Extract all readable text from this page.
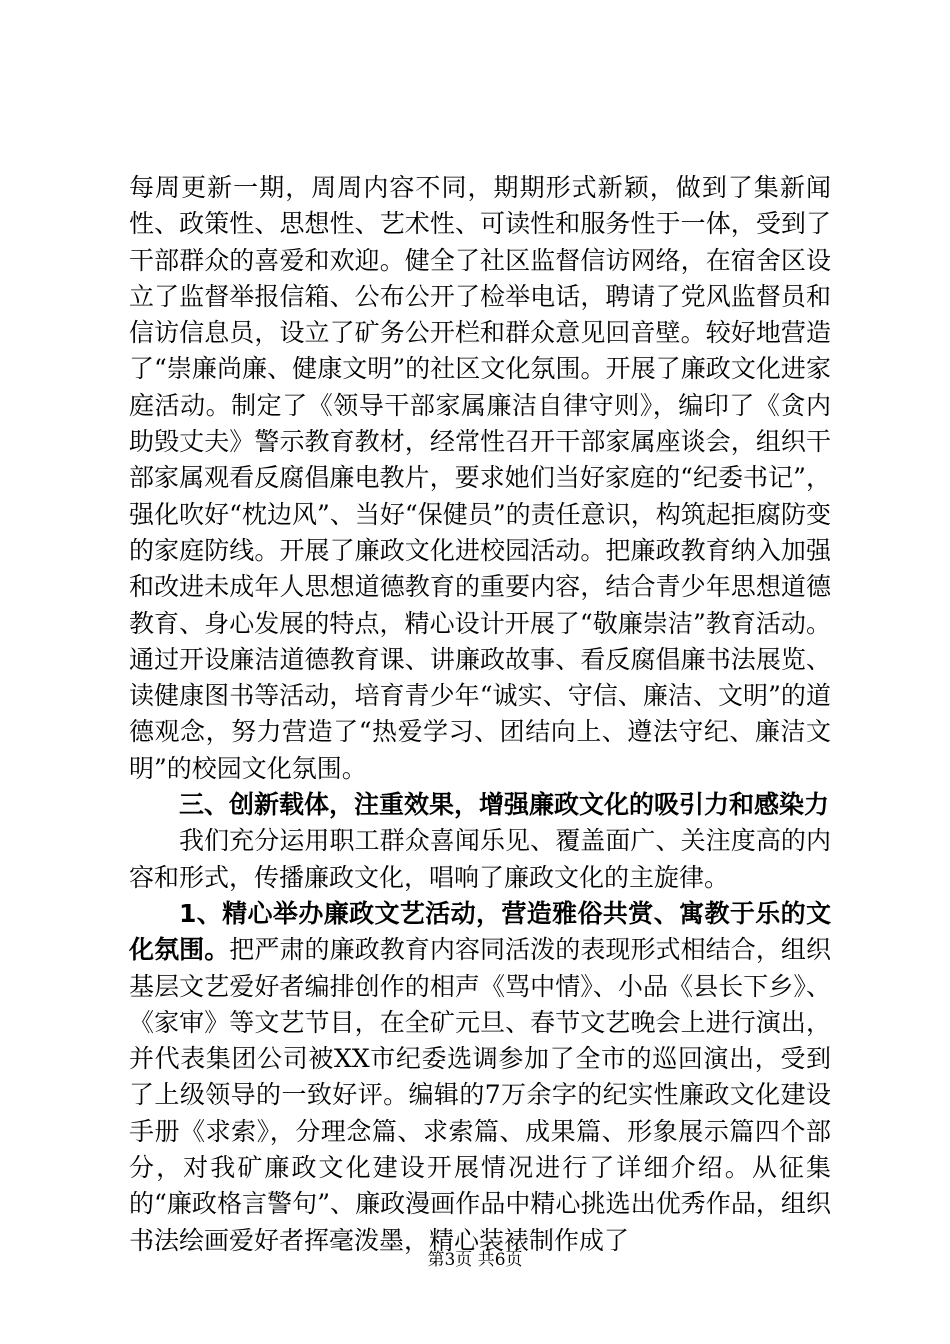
每周更新一期，周周内容不同，期期形式新颖，做到了集新闻性、政策性、思想性、艺术性、可读性和服务性于一体，受到了干部群众的喜爱和欢迎。健全了社区监督信访网络，在宿舍区设立了监督举报信箱、公布公开了检举电话，聘请了党风监督员和信访信息员，设立了矿务公开栏和群众意见回音壁。较好地营造了“崇廉尚廉、健康文明”的社区文化氛围。开展了廉政文化进家庭活动。制定了《领导干部家属廉洁自律守则》，编印了《贪内助毁丈夫》警示教育教材，经常性召开干部家属座谈会，组织干部家属观看反腐倡廉电教片，要求她们当好家庭的“纪委书记”，强化吹好“枕边风”、当好“保健员”的责任意识，构筑起拒腐防变的家庭防线。开展了廉政文化进校园活动。把廉政教育纳入加强和改进未成年人思想道德教育的重要内容，结合青少年思想道德教育、身心发展的特点，精心设计开展了“敬廉崇洁”教育活动。通过开设廉洁道德教育课、讲廉政故事、看反腐倡廉书法展览、读健康图书等活动，培育青少年“诚实、守信、廉洁、文明”的道德观念，努力营造了“热爱学习、团结向上、遵法守纪、廉洁文明”的校园文化氛围。

三、创新载体，注重效果，增强廉政文化的吸引力和感染力

我们充分运用职工群众喜闻乐见、覆盖面广、关注度高的内容和形式，传播廉政文化，唱响了廉政文化的主旋律。

1、精心举办廉政文艺活动，营造雅俗共赏、寓教于乐的文化氛围。把严肃的廉政教育内容同活泼的表现形式相结合，组织基层文艺爱好者编排创作的相声《骂中情》、小品《县长下乡》、《家审》等文艺节目，在全矿元旦、春节文艺晚会上进行演出，并代表集团公司被XX市纪委选调参加了全市的巡回演出，受到了上级领导的一致好评。编辑的7万余字的纪实性廉政文化建设手册《求索》，分理念篇、求索篇、成果篇、形象展示篇四个部分，对我矿廉政文化建设开展情况进行了详细介绍。从征集的“廉政格言警句”、廉政漫画作品中精心挑选出优秀作品，组织书法绘画爱好者挥毫泼墨，精心装裱制作成了

第3页 共6页
